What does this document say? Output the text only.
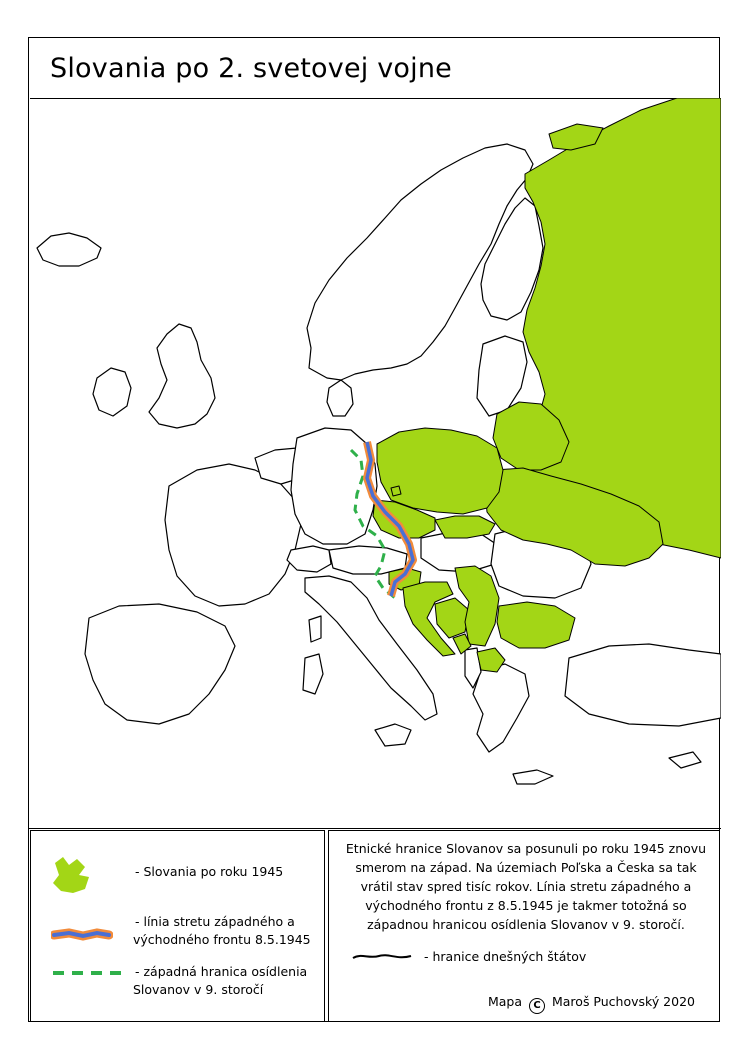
Slovania po 2. svetovej vojne
- Slovania po roku 1945
- línia stretu západného a
východného frontu 8.5.1945
- západná hranica osídlenia
Slovanov v 9. storočí

Etnické hranice Slovanov sa posunuli po roku 1945 znovu smerom na západ. Na územiach Poľska a Česka sa tak vrátil stav spred tisíc rokov. Línia stretu západného a východného frontu z 8.5.1945 je takmer totožná so západnou hranicou osídlenia Slovanov v 9. storočí.

- hranice dnešných štátov
Mapa C Maroš Puchovský 2020
